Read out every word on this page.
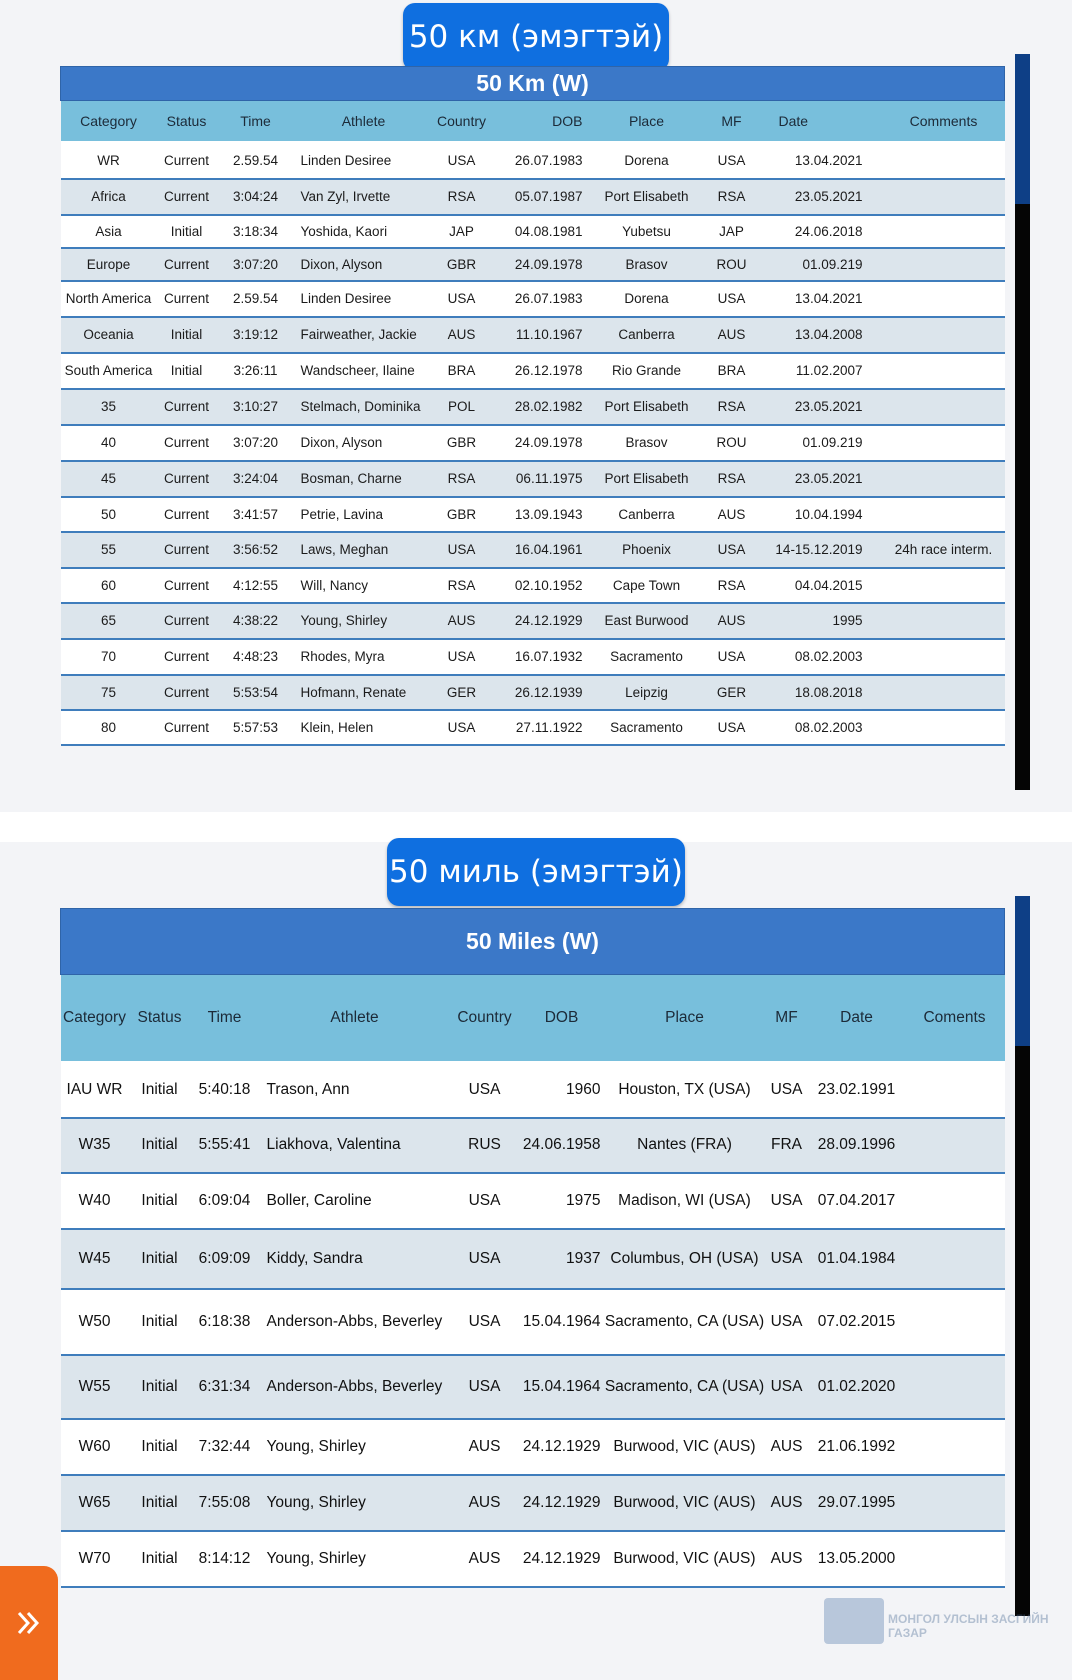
50 км (эмэгтэй)
50 Km (W)									
Category	Status	Time	Athlete	Country	DOB	Place	MF	Date	Comments
WR	Current	2.59.54	Linden Desiree	USA	26.07.1983	Dorena	USA	13.04.2021	
Africa	Current	3:04:24	Van Zyl, Irvette	RSA	05.07.1987	Port Elisabeth	RSA	23.05.2021	
Asia	Initial	3:18:34	Yoshida, Kaori	JAP	04.08.1981	Yubetsu	JAP	24.06.2018	
Europe	Current	3:07:20	Dixon, Alyson	GBR	24.09.1978	Brasov	ROU	01.09.219	
North America	Current	2.59.54	Linden Desiree	USA	26.07.1983	Dorena	USA	13.04.2021	
Oceania	Initial	3:19:12	Fairweather, Jackie	AUS	11.10.1967	Canberra	AUS	13.04.2008	
South America	Initial	3:26:11	Wandscheer, Ilaine	BRA	26.12.1978	Rio Grande	BRA	11.02.2007	
35	Current	3:10:27	Stelmach, Dominika	POL	28.02.1982	Port Elisabeth	RSA	23.05.2021	
40	Current	3:07:20	Dixon, Alyson	GBR	24.09.1978	Brasov	ROU	01.09.219	
45	Current	3:24:04	Bosman, Charne	RSA	06.11.1975	Port Elisabeth	RSA	23.05.2021	
50	Current	3:41:57	Petrie, Lavina	GBR	13.09.1943	Canberra	AUS	10.04.1994	
55	Current	3:56:52	Laws, Meghan	USA	16.04.1961	Phoenix	USA	14-15.12.2019	24h race interm.
60	Current	4:12:55	Will, Nancy	RSA	02.10.1952	Cape Town	RSA	04.04.2015	
65	Current	4:38:22	Young, Shirley	AUS	24.12.1929	East Burwood	AUS	1995	
70	Current	4:48:23	Rhodes, Myra	USA	16.07.1932	Sacramento	USA	08.02.2003	
75	Current	5:53:54	Hofmann, Renate	GER	26.12.1939	Leipzig	GER	18.08.2018	
80	Current	5:57:53	Klein, Helen	USA	27.11.1922	Sacramento	USA	08.02.2003	
50 миль (эмэгтэй)
50 Miles (W)									
Category	Status	Time	Athlete	Country	DOB	Place	MF	Date	Coments
IAU WR	Initial	5:40:18	Trason, Ann	USA	1960	Houston, TX (USA)	USA	23.02.1991	
W35	Initial	5:55:41	Liakhova, Valentina	RUS	24.06.1958	Nantes (FRA)	FRA	28.09.1996	
W40	Initial	6:09:04	Boller, Caroline	USA	1975	Madison, WI (USA)	USA	07.04.2017	
W45	Initial	6:09:09	Kiddy, Sandra	USA	1937	Columbus, OH (USA)	USA	01.04.1984	
W50	Initial	6:18:38	Anderson-Abbs, Beverley	USA	15.04.1964	Sacramento, CA (USA)	USA	07.02.2015	
W55	Initial	6:31:34	Anderson-Abbs, Beverley	USA	15.04.1964	Sacramento, CA (USA)	USA	01.02.2020	
W60	Initial	7:32:44	Young, Shirley	AUS	24.12.1929	Burwood, VIC (AUS)	AUS	21.06.1992	
W65	Initial	7:55:08	Young, Shirley	AUS	24.12.1929	Burwood, VIC (AUS)	AUS	29.07.1995	
W70	Initial	8:14:12	Young, Shirley	AUS	24.12.1929	Burwood, VIC (AUS)	AUS	13.05.2000	
МОНГОЛ УЛСЫН ЗАСГИЙН ГАЗАР
